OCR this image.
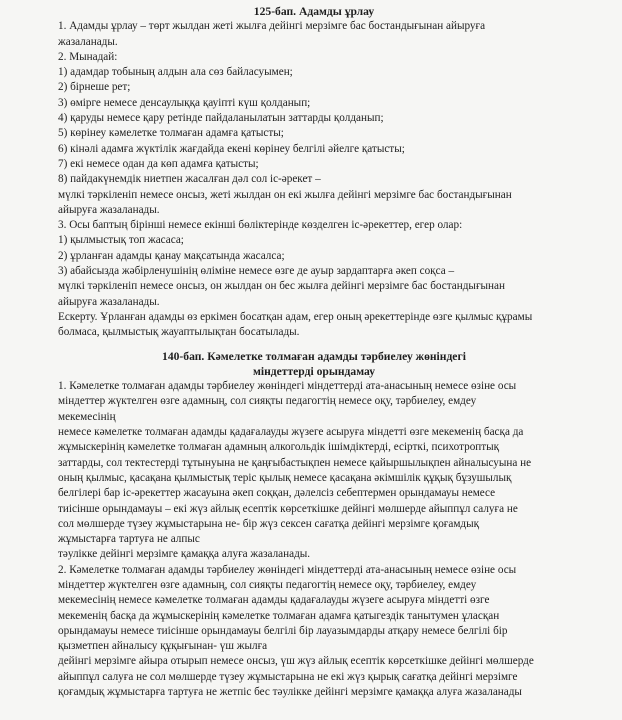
125-бап. Адамды ұрлау

1. Адамды ұрлау – төрт жылдан жеті жылға дейінгі мерзімге бас бостандығынан айыруға

жазаланады.

2. Мынадай:

1) адамдар тобының алдын ала сөз байласуымен;

2) бірнеше рет;

3) өмірге немесе денсаулыққа қауіпті күш қолданып;

4) қаруды немесе қару ретінде пайдаланылатын заттарды қолданып;

5) көрінеу кәмелетке толмаған адамға қатысты;

6) кінәлі адамға жүктілік жағдайда екені көрінеу белгілі әйелге қатысты;

7) екі немесе одан да көп адамға қатысты;

8) пайдакүнемдік ниетпен жасалған дәл сол іс-әрекет –

мүлкі тәркіленіп немесе онсыз, жеті жылдан он екі жылға дейінгі мерзімге бас бостандығынан

айыруға жазаланады.

3. Осы баптың бірінші немесе екінші бөліктерінде көзделген іс-әрекеттер, егер олар:

1) қылмыстық топ жасаса;

2) ұрланған адамды қанау мақсатында жасалса;

3) абайсызда жәбірленушінің өліміне немесе өзге де ауыр зардаптарға әкеп соқса –

мүлкі тәркіленіп немесе онсыз, он жылдан он бес жылға дейінгі мерзімге бас бостандығынан

айыруға жазаланады.

Ескерту. Ұрланған адамды өз еркімен босатқан адам, егер оның әрекеттерінде өзге қылмыс құрамы

болмаса, қылмыстық жауаптылықтан босатылады.

140-бап. Кәмелетке толмаған адамды тәрбиелеу жөніндегі

міндеттерді орындамау

1. Кәмелетке толмаған адамды тәрбиелеу жөніндегі міндеттерді ата-анасының немесе өзіне осы

міндеттер жүктелген өзге адамның, сол сияқты педагогтің немесе оқу, тәрбиелеу, емдеу

мекемесінің

немесе кәмелетке толмаған адамды қадағалауды жүзеге асыруға міндетті өзге мекеменің басқа да

жұмыскерінің кәмелетке толмаған адамның алкогольдік ішімдіктерді, есірткі, психотроптық

заттарды, сол тектестерді тұтынуына не қаңғыбастықпен немесе қайыршылықпен айналысуына не

оның қылмыс, қасақана қылмыстық теріс қылық немесе қасақана әкімшілік құқық бұзушылық

белгілері бар іс-әрекеттер жасауына әкеп соққан, дәлелсіз себептермен орындамауы немесе

тиісінше орындамауы – екі жүз айлық есептік көрсеткішке дейінгі мөлшерде айыппұл салуға не

сол мөлшерде түзеу жұмыстарына не- бір жүз сексен сағатқа дейінгі мерзімге қоғамдық

жұмыстарға тартуға не алпыс

тәулікке дейінгі мерзімге қамаққа алуға жазаланады.

2. Кәмелетке толмаған адамды тәрбиелеу жөніндегі міндеттерді ата-анасының немесе өзіне осы

міндеттер жүктелген өзге адамның, сол сияқты педагогтің немесе оқу, тәрбиелеу, емдеу

мекемесінің немесе кәмелетке толмаған адамды қадағалауды жүзеге асыруға міндетті өзге

мекеменің басқа да жұмыскерінің кәмелетке толмаған адамға қатыгездік танытумен ұласқан

орындамауы немесе тиісінше орындамауы белгілі бір лауазымдарды атқару немесе белгілі бір

қызметпен айналысу құқығынан- үш жылға

дейінгі мерзімге айыра отырып немесе онсыз, үш жүз айлық есептік көрсеткішке дейінгі мөлшерде

айыппұл салуға не сол мөлшерде түзеу жұмыстарына не екі жүз қырық сағатқа дейінгі мерзімге

қоғамдық жұмыстарға тартуға не жетпіс бес тәулікке дейінгі мерзімге қамаққа алуға жазаланады
